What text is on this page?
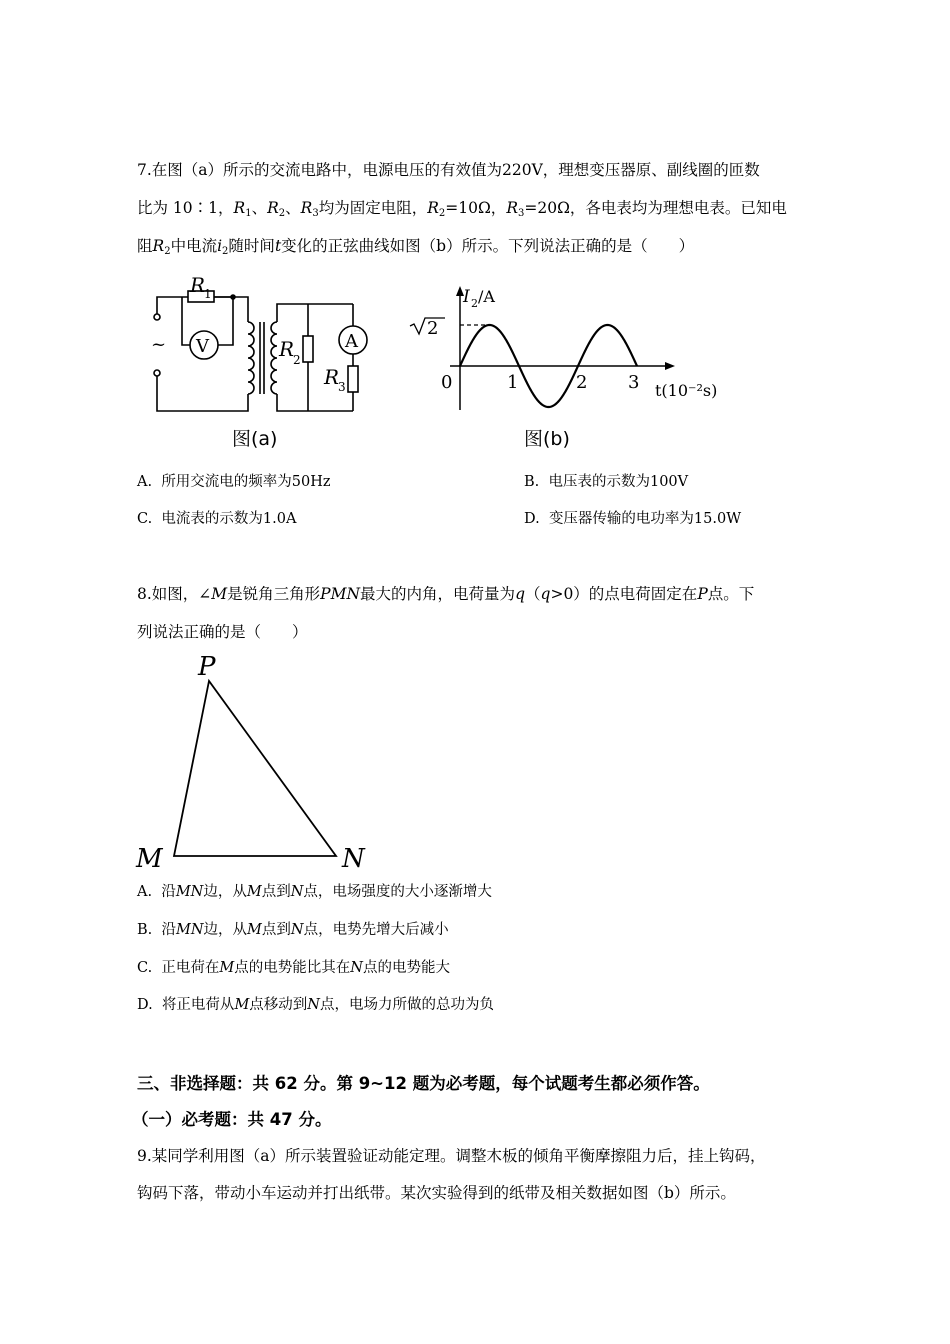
7.在图（a）所示的交流电路中，电源电压的有效值为220V，理想变压器原、副线圈的匝数
比为 10∶1，$R_1$、$R_2$、$R_3$均为固定电阻，$R_2=10\Omega$，$R_3=20\Omega$，各电表均为理想电表。已知电
阻$R_2$中电流$i_2$随时间t变化的正弦曲线如图（b）所示。下列说法正确的是（　　）
~
R
1
V	R
2
A
R
3
图(a)
I 2 /A
2
0	1	2 3 t(10⁻²s)
图(b)
A. 所用交流电的频率为50Hz	B. 电压表的示数为100V
C. 电流表的示数为1.0A	D. 变压器传输的电功率为15.0W
8.如图，∠M是锐角三角形PMN最大的内角，电荷量为q（q>0）的点电荷固定在P点。下
列说法正确的是（　　）
P
M	N
A. 沿MN边，从M点到N点，电场强度的大小逐渐增大
B. 沿MN边，从M点到N点，电势先增大后减小
C. 正电荷在M点的电势能比其在N点的电势能大
D. 将正电荷从M点移动到N点，电场力所做的总功为负
三、非选择题：共 62 分。第 9~12 题为必考题，每个试题考生都必须作答。
（一）必考题：共 47 分。
9.某同学利用图（a）所示装置验证动能定理。调整木板的倾角平衡摩擦阻力后，挂上钩码，
钩码下落，带动小车运动并打出纸带。某次实验得到的纸带及相关数据如图（b）所示。
